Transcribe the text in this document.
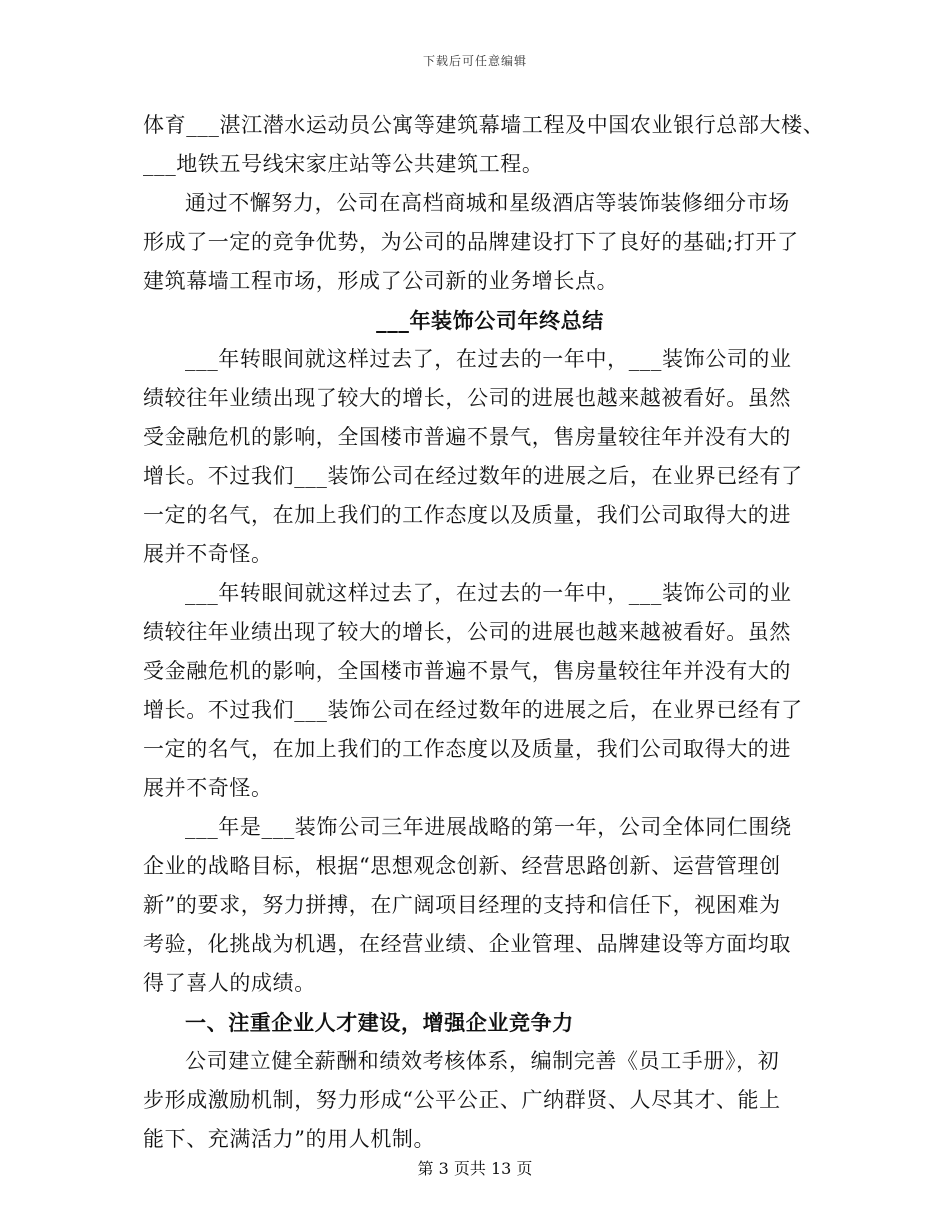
下载后可任意编辑
体育___湛江潜水运动员公寓等建筑幕墙工程及中国农业银行总部大楼、
___地铁五号线宋家庄站等公共建筑工程。
通过不懈努力，公司在高档商城和星级酒店等装饰装修细分市场
形成了一定的竞争优势，为公司的品牌建设打下了良好的基础;打开了
建筑幕墙工程市场，形成了公司新的业务增长点。
___年装饰公司年终总结
___年转眼间就这样过去了，在过去的一年中，___装饰公司的业
绩较往年业绩出现了较大的增长，公司的进展也越来越被看好。虽然
受金融危机的影响，全国楼市普遍不景气，售房量较往年并没有大的
增长。不过我们___装饰公司在经过数年的进展之后，在业界已经有了
一定的名气，在加上我们的工作态度以及质量，我们公司取得大的进
展并不奇怪。
___年转眼间就这样过去了，在过去的一年中，___装饰公司的业
绩较往年业绩出现了较大的增长，公司的进展也越来越被看好。虽然
受金融危机的影响，全国楼市普遍不景气，售房量较往年并没有大的
增长。不过我们___装饰公司在经过数年的进展之后，在业界已经有了
一定的名气，在加上我们的工作态度以及质量，我们公司取得大的进
展并不奇怪。
___年是___装饰公司三年进展战略的第一年，公司全体同仁围绕
企业的战略目标，根据“思想观念创新、经营思路创新、运营管理创
新”的要求，努力拼搏，在广阔项目经理的支持和信任下，视困难为
考验，化挑战为机遇，在经营业绩、企业管理、品牌建设等方面均取
得了喜人的成绩。
一、注重企业人才建设，增强企业竞争力
公司建立健全薪酬和绩效考核体系，编制完善《员工手册》，初
步形成激励机制，努力形成“公平公正、广纳群贤、人尽其才、能上
能下、充满活力”的用人机制。
第 3 页共 13 页
